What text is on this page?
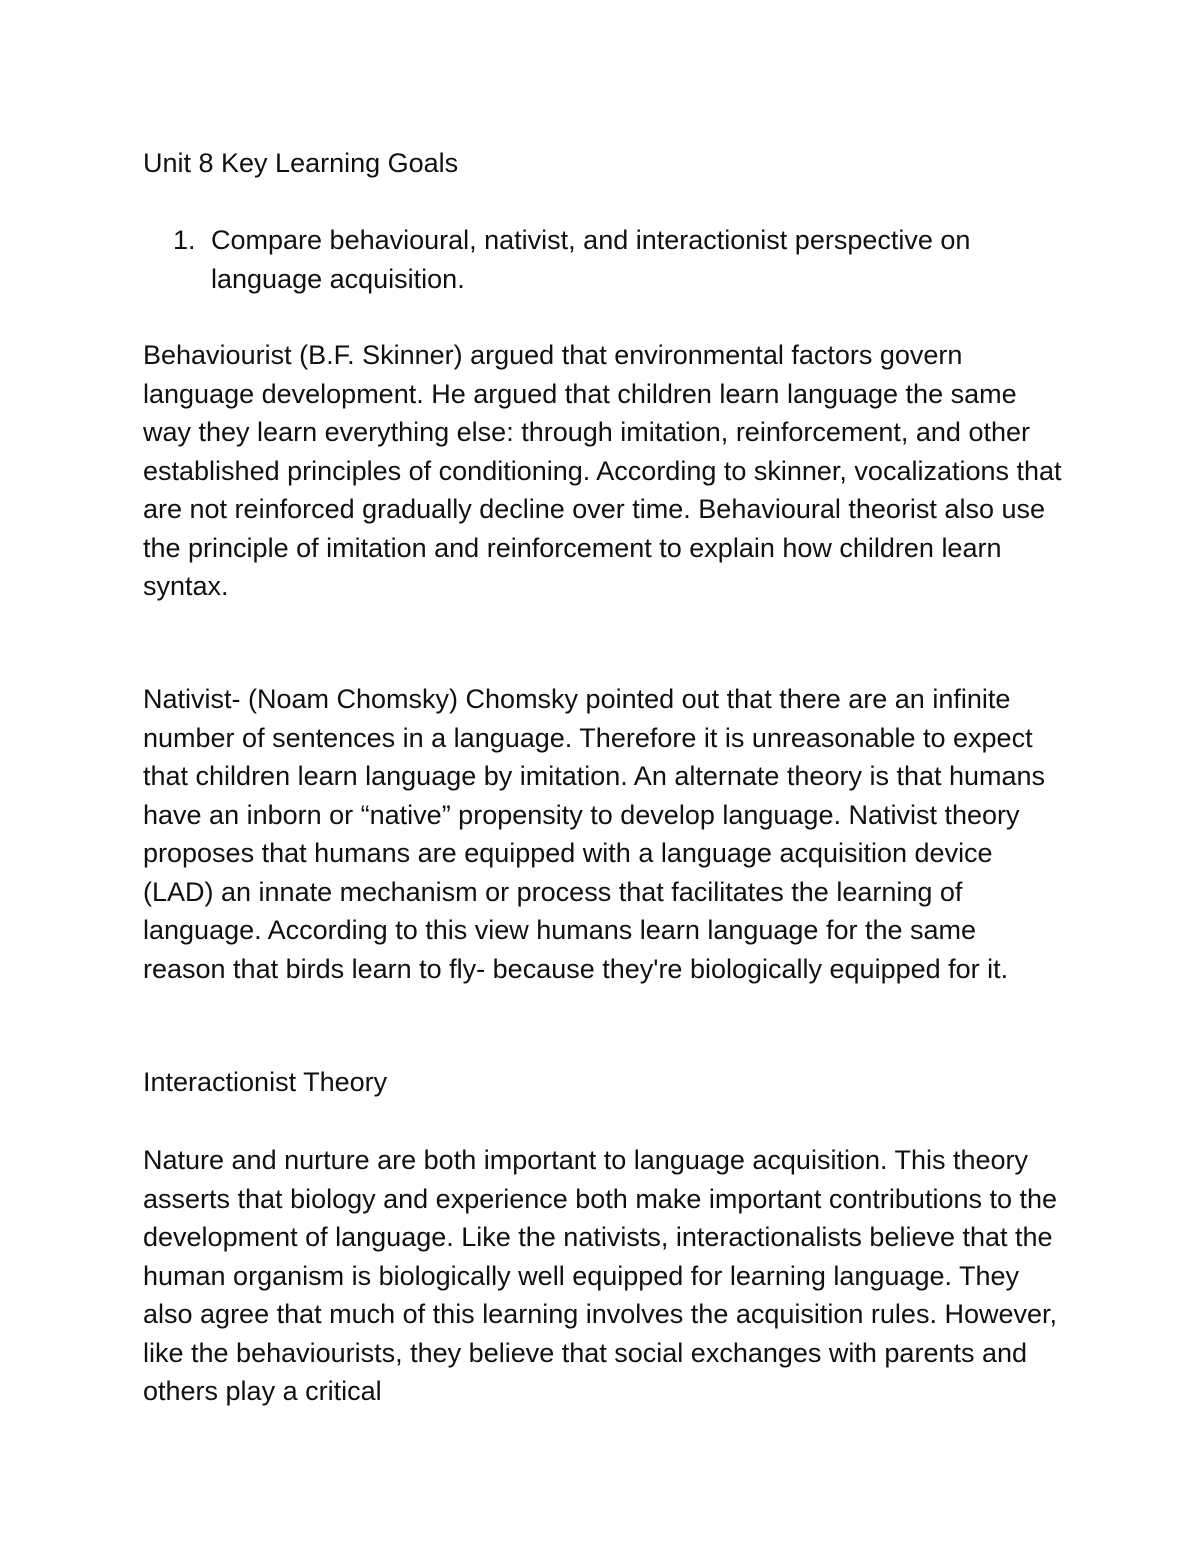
Unit 8 Key Learning Goals

1. Compare behavioural, nativist, and interactionist perspective on language acquisition.

Behaviourist (B.F. Skinner) argued that environmental factors govern language development. He argued that children learn language the same way they learn everything else: through imitation, reinforcement, and other established principles of conditioning. According to skinner, vocalizations that are not reinforced gradually decline over time. Behavioural theorist also use the principle of imitation and reinforcement to explain how children learn syntax.

Nativist- (Noam Chomsky) Chomsky pointed out that there are an infinite number of sentences in a language. Therefore it is unreasonable to expect that children learn language by imitation. An alternate theory is that humans have an inborn or “native” propensity to develop language. Nativist theory proposes that humans are equipped with a language acquisition device (LAD) an innate mechanism or process that facilitates the learning of language. According to this view humans learn language for the same reason that birds learn to fly- because they're biologically equipped for it.

Interactionist Theory

Nature and nurture are both important to language acquisition. This theory asserts that biology and experience both make important contributions to the development of language. Like the nativists, interactionalists believe that the human organism is biologically well equipped for learning language. They also agree that much of this learning involves the acquisition rules. However, like the behaviourists, they believe that social exchanges with parents and others play a critical
